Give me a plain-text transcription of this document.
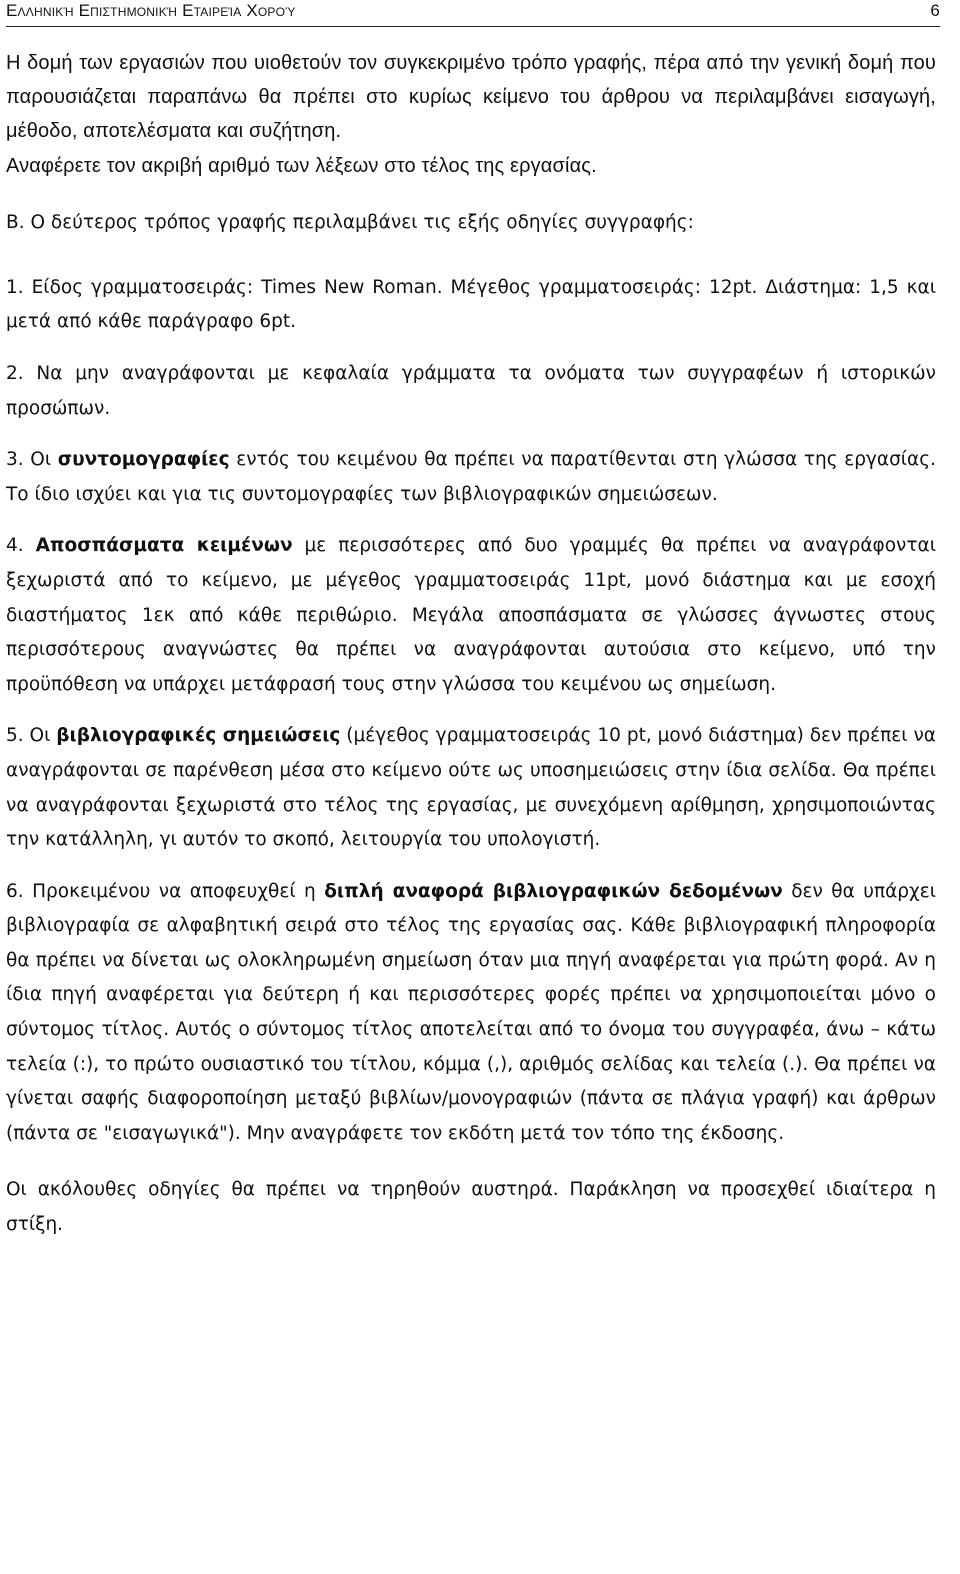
Ελληνική Επιστημονική Εταιρεία Χορού	6

Η δομή των εργασιών που υιοθετούν τον συγκεκριμένο τρόπο γραφής, πέρα από την γενική δομή που παρουσιάζεται παραπάνω θα πρέπει στο κυρίως κείμενο του άρθρου να περιλαμβάνει εισαγωγή, μέθοδο, αποτελέσματα και συζήτηση.

Αναφέρετε τον ακριβή αριθμό των λέξεων στο τέλος της εργασίας.

Β. Ο δεύτερος τρόπος γραφής περιλαμβάνει τις εξής οδηγίες συγγραφής:

1. Είδος γραμματοσειράς: Times New Roman. Μέγεθος γραμματοσειράς: 12pt. Διάστημα: 1,5 και μετά από κάθε παράγραφο 6pt.

2. Να μην αναγράφονται με κεφαλαία γράμματα τα ονόματα των συγγραφέων ή ιστορικών προσώπων.

3. Οι συντομογραφίες εντός του κειμένου θα πρέπει να παρατίθενται στη γλώσσα της εργασίας. Το ίδιο ισχύει και για τις συντομογραφίες των βιβλιογραφικών σημειώσεων.

4. Αποσπάσματα κειμένων με περισσότερες από δυο γραμμές θα πρέπει να αναγράφονται ξεχωριστά από το κείμενο, με μέγεθος γραμματοσειράς 11pt, μονό διάστημα και με εσοχή διαστήματος 1εκ από κάθε περιθώριο. Μεγάλα αποσπάσματα σε γλώσσες άγνωστες στους περισσότερους αναγνώστες θα πρέπει να αναγράφονται αυτούσια στο κείμενο, υπό την προϋπόθεση να υπάρχει μετάφρασή τους στην γλώσσα του κειμένου ως σημείωση.

5. Οι βιβλιογραφικές σημειώσεις (μέγεθος γραμματοσειράς 10 pt, μονό διάστημα) δεν πρέπει να αναγράφονται σε παρένθεση μέσα στο κείμενο ούτε ως υποσημειώσεις στην ίδια σελίδα. Θα πρέπει να αναγράφονται ξεχωριστά στο τέλος της εργασίας, με συνεχόμενη αρίθμηση, χρησιμοποιώντας την κατάλληλη, γι αυτόν το σκοπό, λειτουργία του υπολογιστή.

6. Προκειμένου να αποφευχθεί η διπλή αναφορά βιβλιογραφικών δεδομένων δεν θα υπάρχει βιβλιογραφία σε αλφαβητική σειρά στο τέλος της εργασίας σας. Κάθε βιβλιογραφική πληροφορία θα πρέπει να δίνεται ως ολοκληρωμένη σημείωση όταν μια πηγή αναφέρεται για πρώτη φορά. Αν η ίδια πηγή αναφέρεται για δεύτερη ή και περισσότερες φορές πρέπει να χρησιμοποιείται μόνο ο σύντομος τίτλος. Αυτός ο σύντομος τίτλος αποτελείται από το όνομα του συγγραφέα, άνω – κάτω τελεία (:), το πρώτο ουσιαστικό του τίτλου, κόμμα (,), αριθμός σελίδας και τελεία (.). Θα πρέπει να γίνεται σαφής διαφοροποίηση μεταξύ βιβλίων/μονογραφιών (πάντα σε πλάγια γραφή) και άρθρων (πάντα σε "εισαγωγικά"). Μην αναγράφετε τον εκδότη μετά τον τόπο της έκδοσης.

Οι ακόλουθες οδηγίες θα πρέπει να τηρηθούν αυστηρά. Παράκληση να προσεχθεί ιδιαίτερα η στίξη.
